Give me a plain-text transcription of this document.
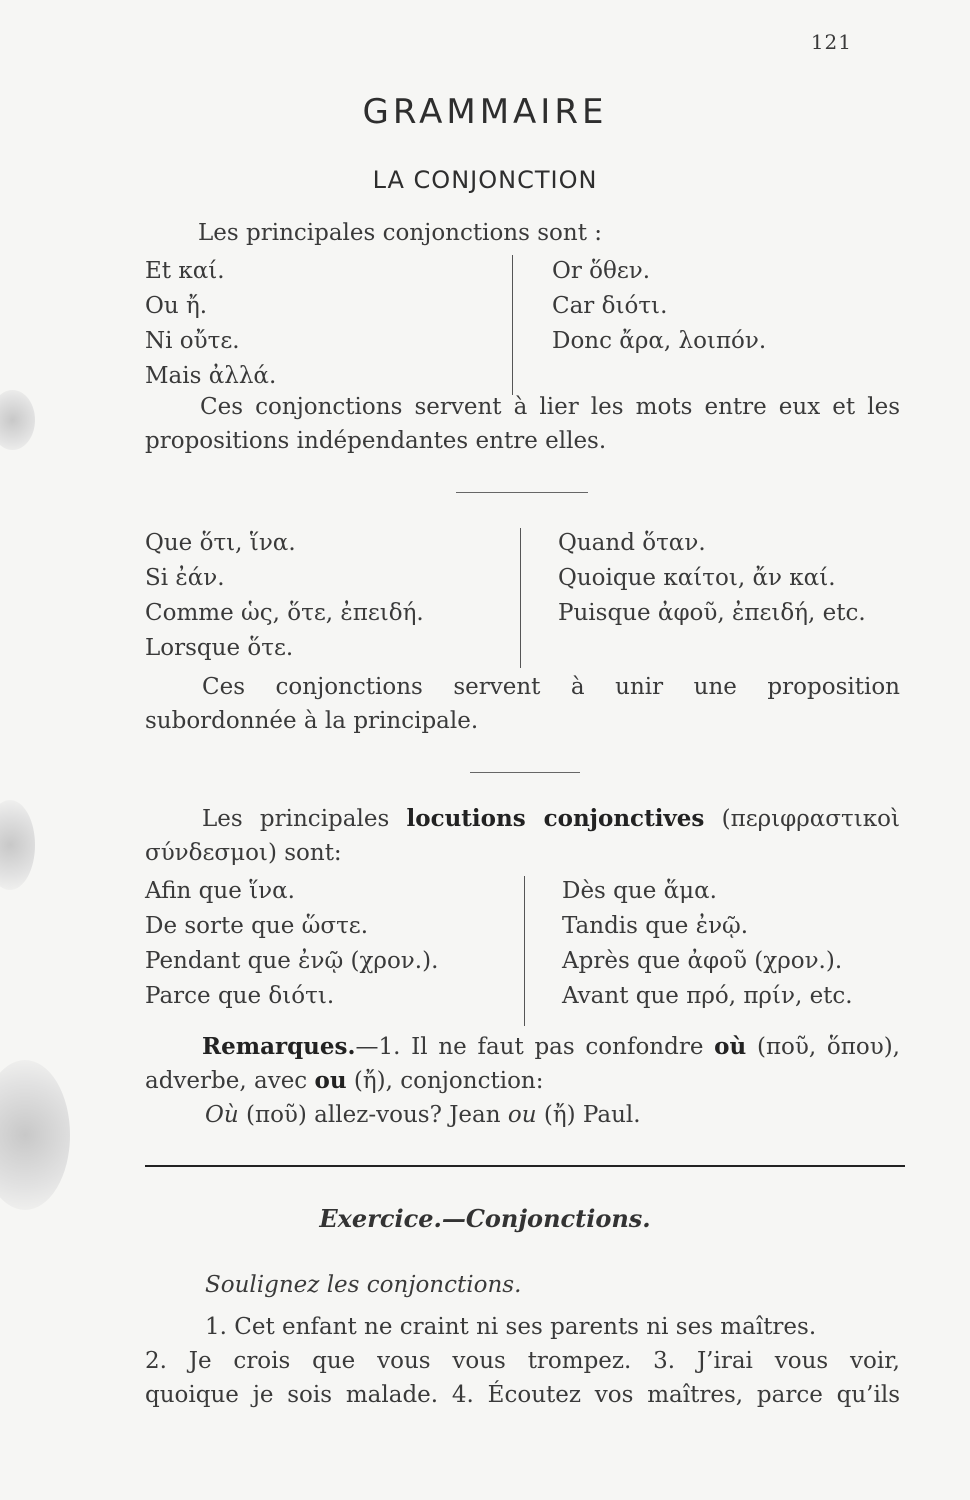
121
GRAMMAIRE
LA CONJONCTION
Les principales conjonctions sont :
Et καί.
Ou ἤ.
Ni οὔτε.
Mais ἀλλά.
Or ὅθεν.
Car διότι.
Donc ἄρα, λοιπόν.
Ces conjonctions servent à lier les mots entre eux et les propositions indépendantes entre elles.
Que ὅτι, ἵνα.
Si ἐάν.
Comme ὡς, ὅτε, ἐπειδή.
Lorsque ὅτε.
Quand ὅταν.
Quoique καίτοι, ἄν καί.
Puisque ἀφοῦ, ἐπειδή, etc.
Ces conjonctions servent à unir une proposition subordonnée à la principale.
Les principales locutions conjonctives (περιφραστικοὶ σύνδεσμοι) sont:
Afin que ἵνα.
De sorte que ὥστε.
Pendant que ἐνῷ (χρον.).
Parce que διότι.
Dès que ἅμα.
Tandis que ἐνῷ.
Après que ἀφοῦ (χρον.).
Avant que πρό, πρίν, etc.
Remarques.—1. Il ne faut pas confondre où (ποῦ, ὅπου), adverbe, avec ou (ἤ), conjonction:
Où (ποῦ) allez-vous? Jean ou (ἤ) Paul.
Exercice.—Conjonctions.
Soulignez les conjonctions.
1. Cet enfant ne craint ni ses parents ni ses maîtres.
2. Je crois que vous vous trompez. 3. J’irai vous voir,
quoique je sois malade. 4. Écoutez vos maîtres, parce qu’ils
